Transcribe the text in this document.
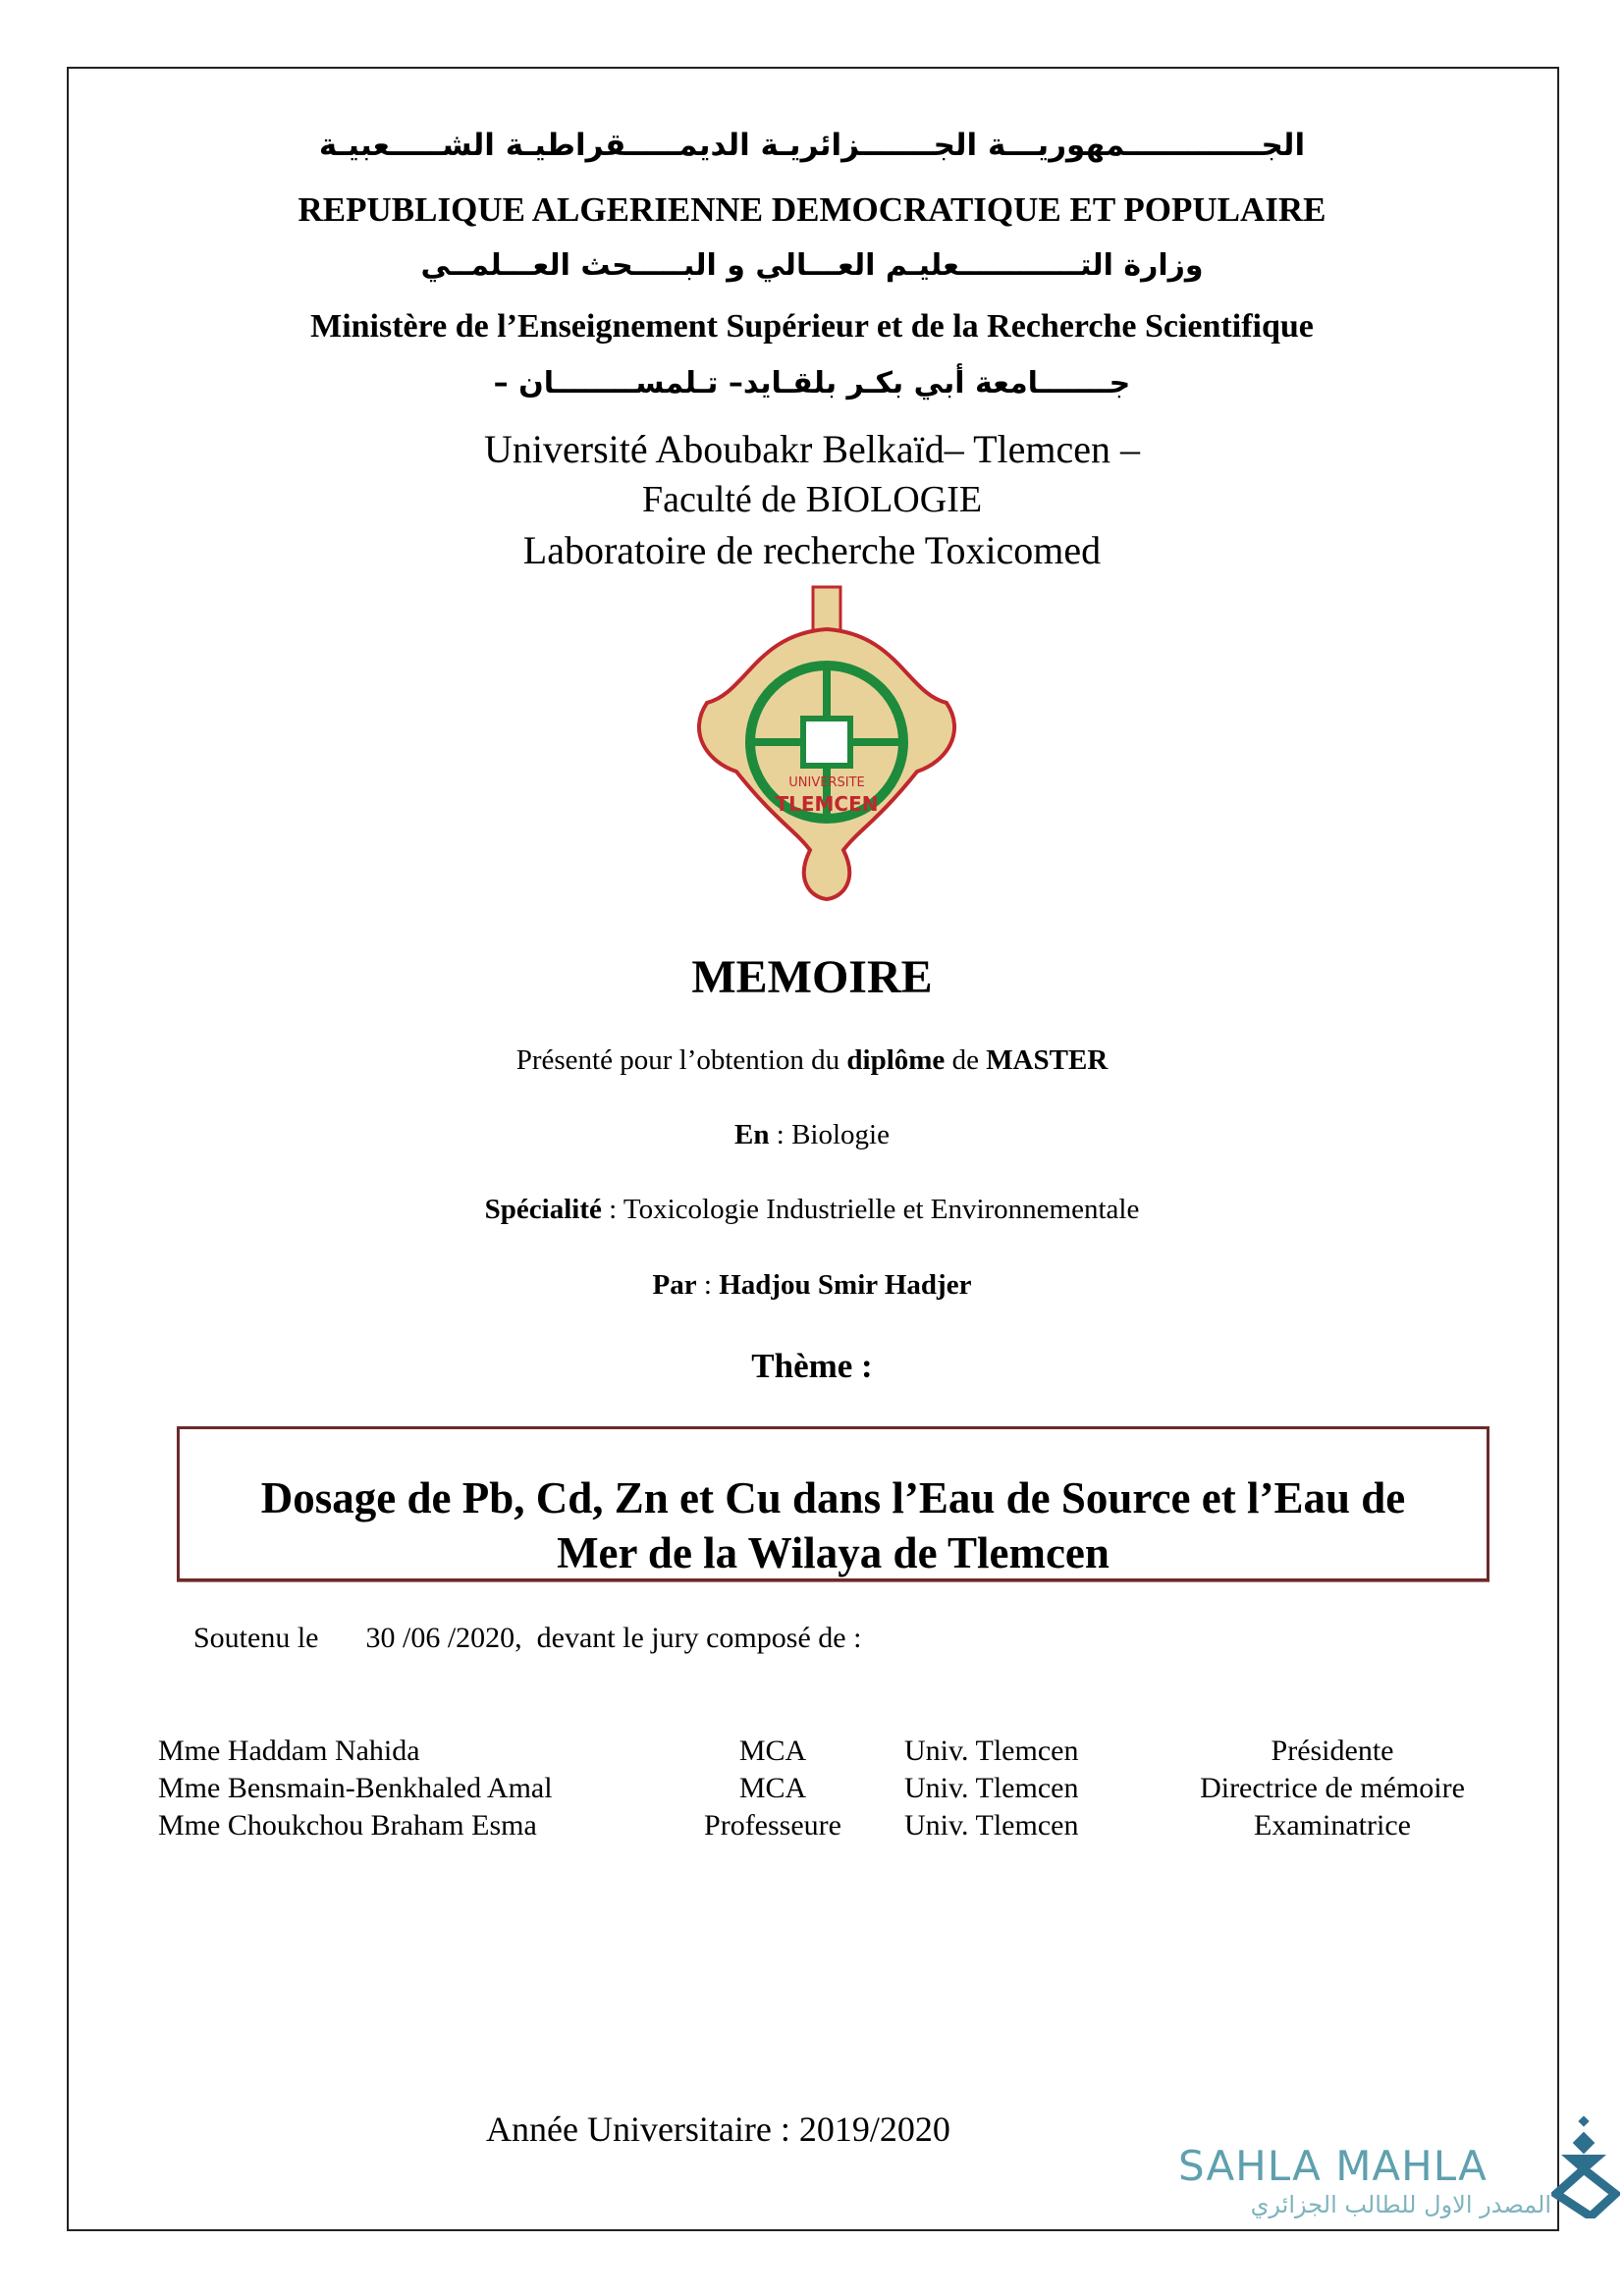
الجـــــــــــــمهوريـــة الجـــــــزائريـة الديمـــــقراطيـة الشـــــعبيـة
REPUBLIQUE ALGERIENNE DEMOCRATIQUE ET POPULAIRE
وزارة التــــــــــــعليـم العـــالي و البـــــحث العـــلمــي
Ministère de l’Enseignement Supérieur et de la Recherche Scientifique
جـــــــامعة أبي بكـر بلقـايد– تـلمســــــــان –
Université Aboubakr Belkaïd– Tlemcen –
Faculté de BIOLOGIE
Laboratoire de recherche Toxicomed
UNIVERSITE
TLEMCEN
MEMOIRE
Présenté pour l’obtention du diplôme de MASTER
En : Biologie
Spécialité : Toxicologie Industrielle et Environnementale
Par : Hadjou Smir Hadjer
Thème :
Dosage de Pb, Cd, Zn et Cu dans l’Eau de Source et l’Eau de
Mer de la Wilaya de Tlemcen
Soutenu le 30 /06 /2020, devant le jury composé de :
Mme Haddam Nahida	MCA	Univ. Tlemcen	Présidente
Mme Bensmain-Benkhaled Amal	MCA	Univ. Tlemcen	Directrice de mémoire
Mme Choukchou Braham Esma	Professeure	Univ. Tlemcen	Examinatrice
Année Universitaire : 2019/2020
SAHLA MAHLA
المصدر الاول للطالب الجزائري
